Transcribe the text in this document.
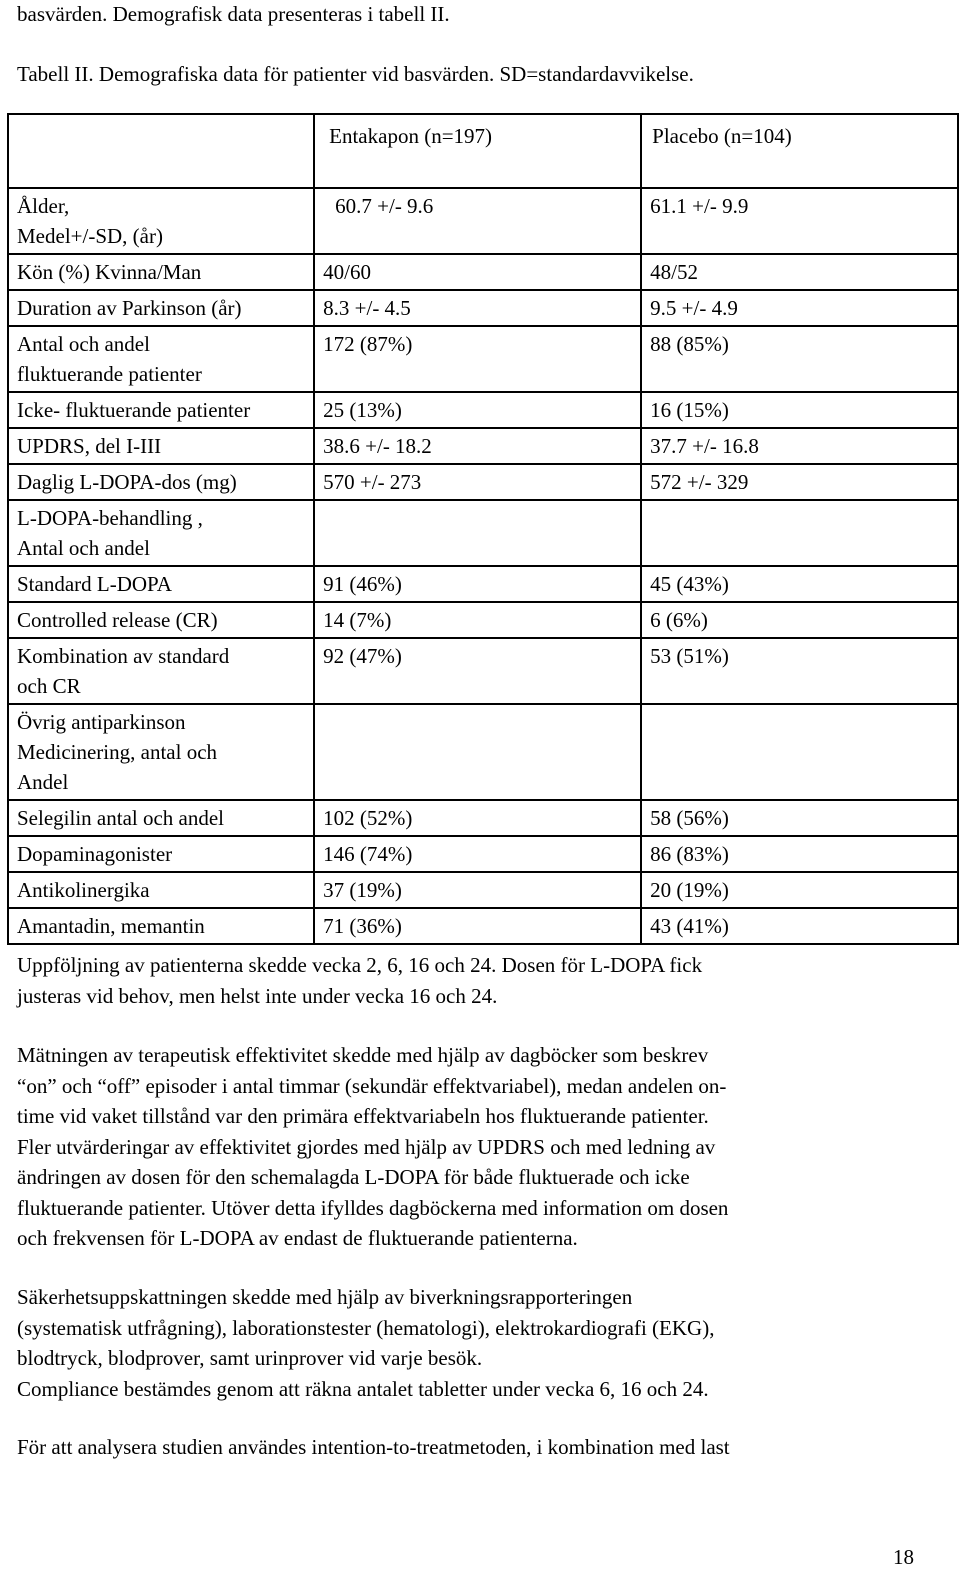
basvärden. Demografisk data presenteras i tabell II.
Tabell II. Demografiska data för patienter vid basvärden. SD=standardavvikelse.
	Entakapon (n=197)	Placebo (n=104)
Ålder,
Medel+/-SD, (år)	60.7 +/- 9.6	61.1 +/- 9.9
Kön (%) Kvinna/Man	40/60	48/52
Duration av Parkinson (år)	8.3 +/- 4.5	9.5 +/- 4.9
Antal och andel
fluktuerande patienter	172 (87%)	88 (85%)
Icke- fluktuerande patienter	25 (13%)	16 (15%)
UPDRS, del I-III	38.6 +/- 18.2	37.7 +/- 16.8
Daglig L-DOPA-dos (mg)	570 +/- 273	572 +/- 329
L-DOPA-behandling ,
Antal och andel		
Standard L-DOPA	91 (46%)	45 (43%)
Controlled release (CR)	14 (7%)	6 (6%)
Kombination av standard
och CR	92 (47%)	53 (51%)
Övrig antiparkinson
Medicinering, antal och
Andel		
Selegilin antal och andel	102 (52%)	58 (56%)
Dopaminagonister	146 (74%)	86 (83%)
Antikolinergika	37 (19%)	20 (19%)
Amantadin, memantin	71 (36%)	43 (41%)
Uppföljning av patienterna skedde vecka 2, 6, 16 och 24. Dosen för L-DOPA fick
justeras vid behov, men helst inte under vecka 16 och 24.
Mätningen av terapeutisk effektivitet skedde med hjälp av dagböcker som beskrev
“on” och “off” episoder i antal timmar (sekundär effektvariabel), medan andelen on-
time vid vaket tillstånd var den primära effektvariabeln hos fluktuerande patienter.
Fler utvärderingar av effektivitet gjordes med hjälp av UPDRS och med ledning av
ändringen av dosen för den schemalagda L-DOPA för både fluktuerade och icke
fluktuerande patienter. Utöver detta ifylldes dagböckerna med information om dosen
och frekvensen för L-DOPA av endast de fluktuerande patienterna.
Säkerhetsuppskattningen skedde med hjälp av biverkningsrapporteringen
(systematisk utfrågning), laborationstester (hematologi), elektrokardiografi (EKG),
blodtryck, blodprover, samt urinprover vid varje besök.
Compliance bestämdes genom att räkna antalet tabletter under vecka 6, 16 och 24.
För att analysera studien användes intention-to-treatmetoden, i kombination med last
18
